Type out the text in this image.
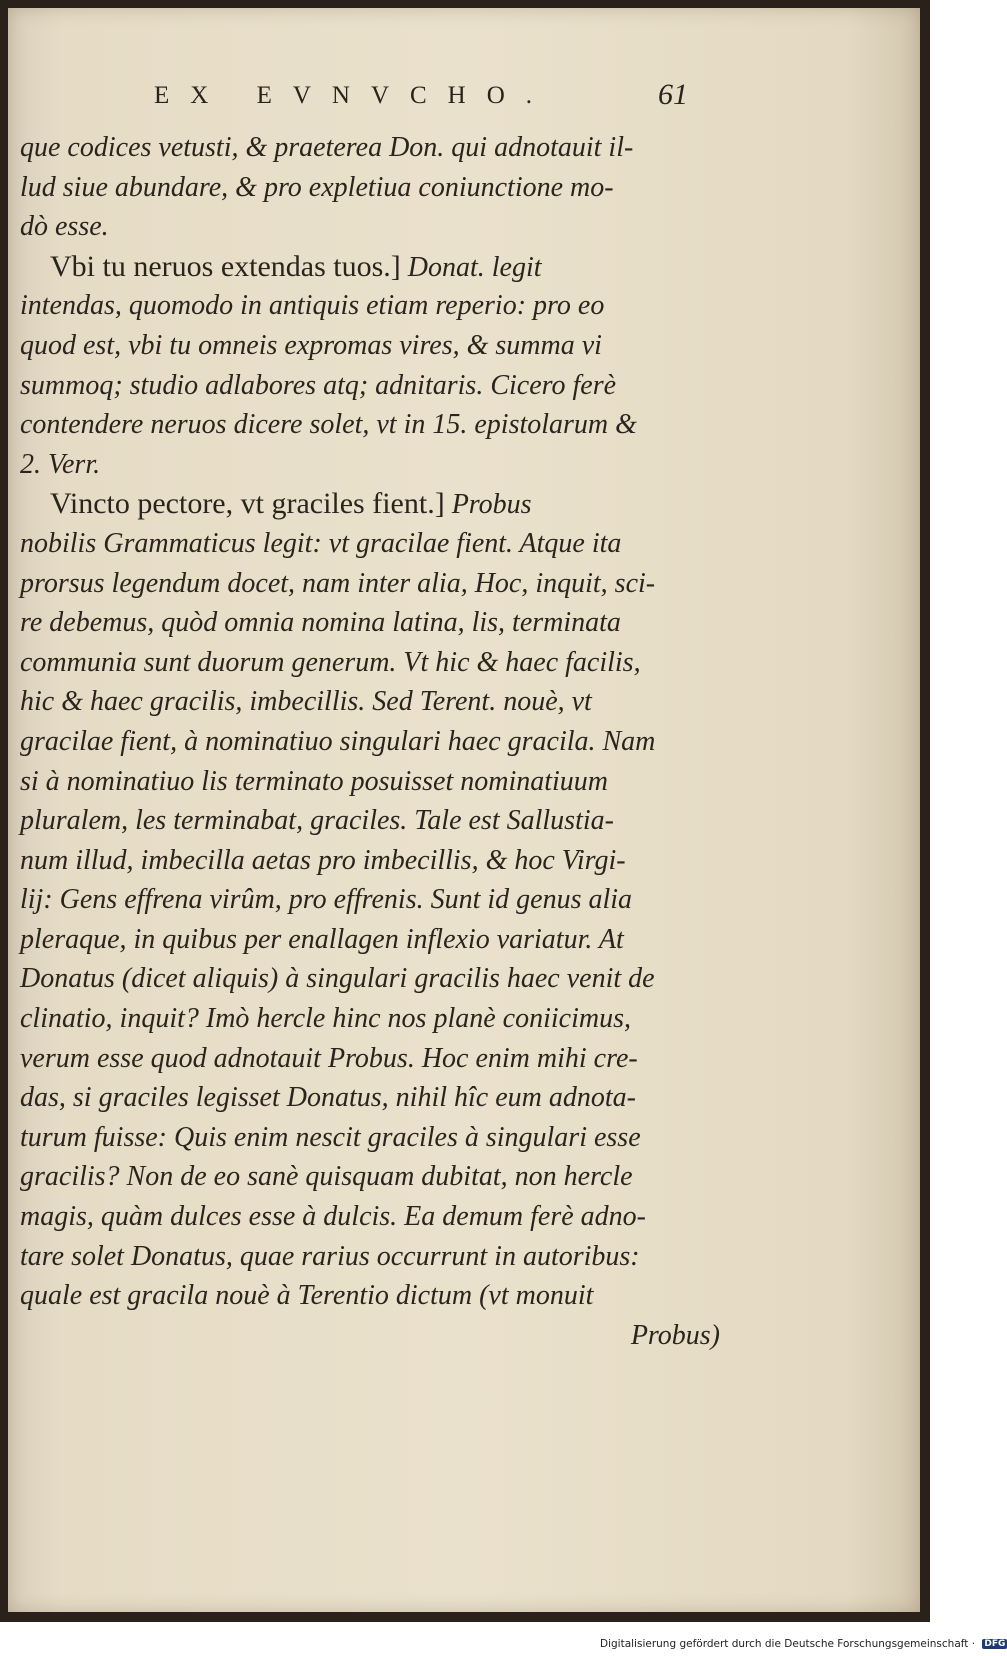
EX EVNVCHO.	61
que codices vetusti, & praeterea Don. qui adnotauit il-
lud siue abundare, & pro expletiua coniunctione mo-
dò esse.
Vbi tu neruos extendas tuos.] Donat. legit
intendas, quomodo in antiquis etiam reperio: pro eo
quod est, vbi tu omneis expromas vires, & summa vi
summoq; studio adlabores atq; adnitaris. Cicero ferè
contendere neruos dicere solet, vt in 15. epistolarum &
2. Verr.
Vincto pectore, vt graciles fient.] Probus
nobilis Grammaticus legit: vt gracilae fient. Atque ita
prorsus legendum docet, nam inter alia, Hoc, inquit, sci-
re debemus, quòd omnia nomina latina, lis, terminata
communia sunt duorum generum. Vt hic & haec facilis,
hic & haec gracilis, imbecillis. Sed Terent. nouè, vt
gracilae fient, à nominatiuo singulari haec gracila. Nam
si à nominatiuo lis terminato posuisset nominatiuum
pluralem, les terminabat, graciles. Tale est Sallustia-
num illud, imbecilla aetas pro imbecillis, & hoc Virgi-
lij: Gens effrena virûm, pro effrenis. Sunt id genus alia
pleraque, in quibus per enallagen inflexio variatur. At
Donatus (dicet aliquis) à singulari gracilis haec venit de
clinatio, inquit? Imò hercle hinc nos planè coniicimus,
verum esse quod adnotauit Probus. Hoc enim mihi cre-
das, si graciles legisset Donatus, nihil hîc eum adnota-
turum fuisse: Quis enim nescit graciles à singulari esse
gracilis? Non de eo sanè quisquam dubitat, non hercle
magis, quàm dulces esse à dulcis. Ea demum ferè adno-
tare solet Donatus, quae rarius occurrunt in autoribus:
quale est gracila nouè à Terentio dictum (vt monuit
Probus)
Digitalisierung gefördert durch die Deutsche Forschungsgemeinschaft · DFG
